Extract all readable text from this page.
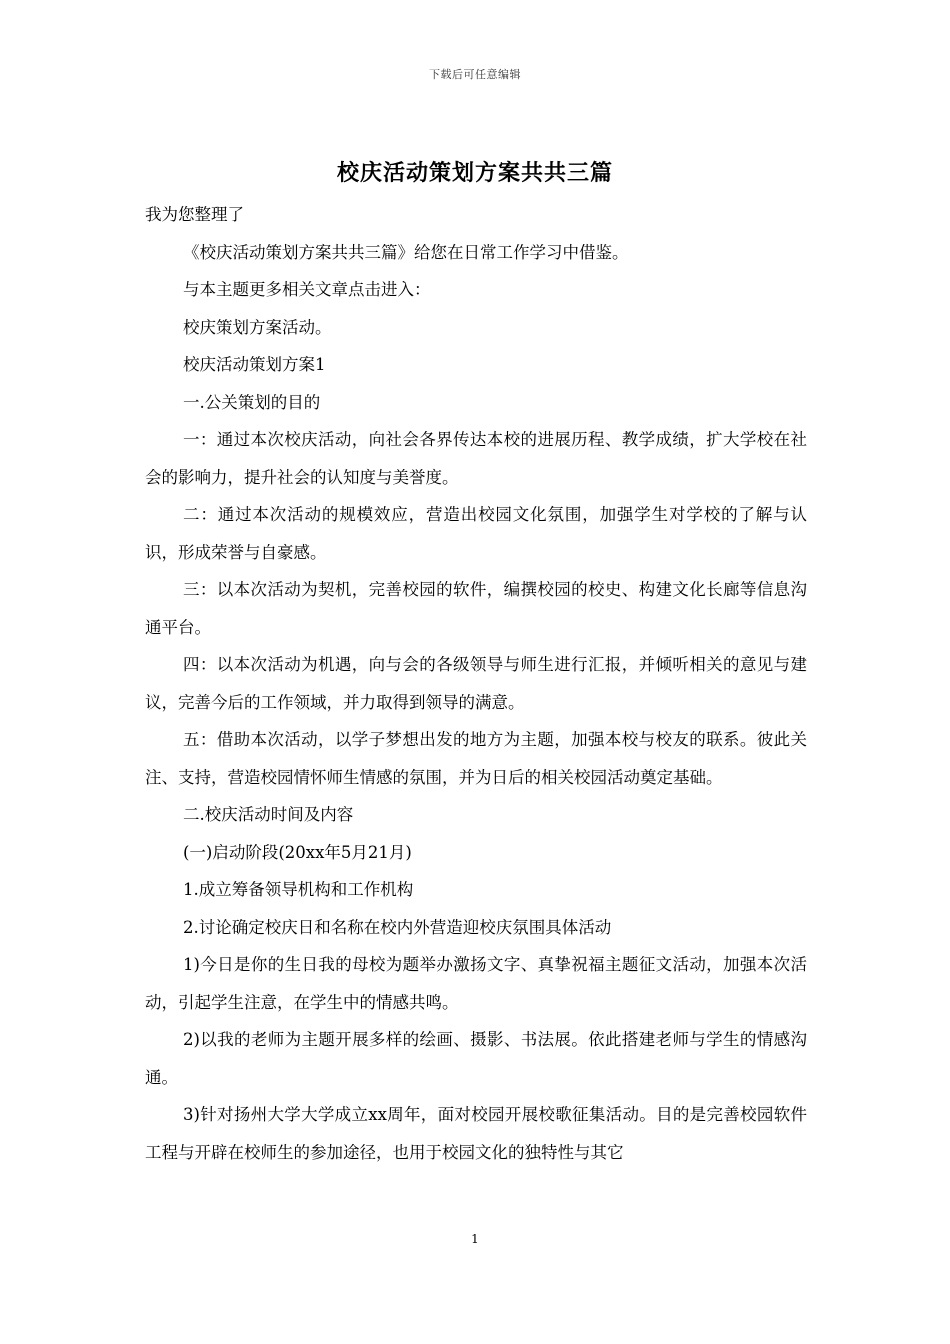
下载后可任意编辑
校庆活动策划方案共共三篇

我为您整理了

《校庆活动策划方案共共三篇》给您在日常工作学习中借鉴。

与本主题更多相关文章点击进入：

校庆策划方案活动。

校庆活动策划方案1

一.公关策划的目的

一：通过本次校庆活动，向社会各界传达本校的进展历程、教学成绩，扩大学校在社会的影响力，提升社会的认知度与美誉度。

二：通过本次活动的规模效应，营造出校园文化氛围，加强学生对学校的了解与认识，形成荣誉与自豪感。

三：以本次活动为契机，完善校园的软件，编撰校园的校史、构建文化长廊等信息沟通平台。

四：以本次活动为机遇，向与会的各级领导与师生进行汇报，并倾听相关的意见与建议，完善今后的工作领域，并力取得到领导的满意。

五：借助本次活动，以学子梦想出发的地方为主题，加强本校与校友的联系。彼此关注、支持，营造校园情怀师生情感的氛围，并为日后的相关校园活动奠定基础。

二.校庆活动时间及内容

(一)启动阶段(20xx年5月21月)

1.成立筹备领导机构和工作机构

2.讨论确定校庆日和名称在校内外营造迎校庆氛围具体活动

1)今日是你的生日我的母校为题举办激扬文字、真挚祝福主题征文活动，加强本次活动，引起学生注意，在学生中的情感共鸣。

2)以我的老师为主题开展多样的绘画、摄影、书法展。依此搭建老师与学生的情感沟通。

3)针对扬州大学大学成立xx周年，面对校园开展校歌征集活动。目的是完善校园软件工程与开辟在校师生的参加途径，也用于校园文化的独特性与其它

1
